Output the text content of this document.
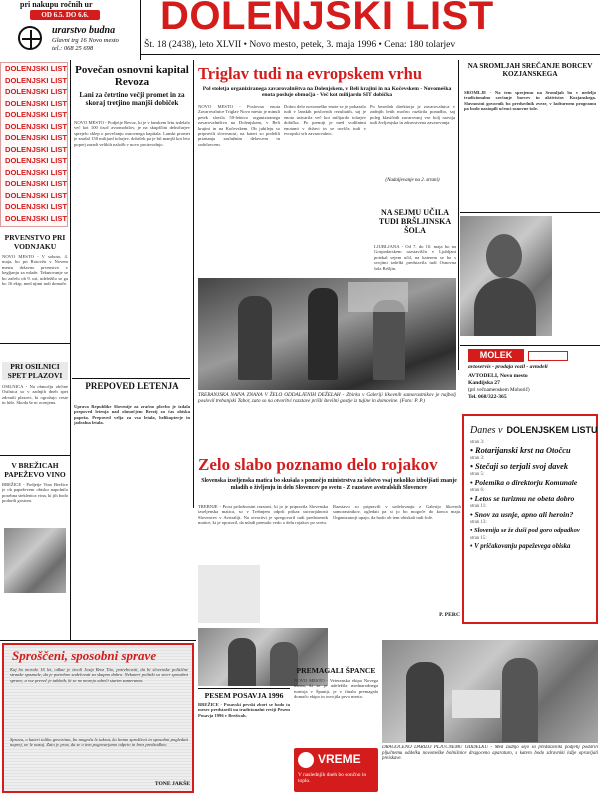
pri nakupu ročnih ur
OD 6.5. DO 6.6.
urarstvo budna
Glavni trg 16 Novo mesto
tel.: 068 25 698
DOLENJSKI LIST
Št. 18 (2438), leto XLVII • Novo mesto, petek, 3. maja 1996 • Cena: 180 tolarjev
DOLENJSKI LIST
DOLENJSKI LIST
DOLENJSKI LIST
DOLENJSKI LIST
DOLENJSKI LIST
DOLENJSKI LIST
DOLENJSKI LIST
DOLENJSKI LIST
DOLENJSKI LIST
DOLENJSKI LIST
DOLENJSKI LIST
DOLENJSKI LIST
DOLENJSKI LIST
DOLENJSKI LIST
PRVENSTVO PRI VODNJAKU
NOVO MESTO - V soboto, 4. maja, bo pri Rotovžu v Novem mestu državno prvenstvo v kegljanju za mlade. Tekmovanje se bo začelo ob 9. uri, udeležilo se ga bo 16 ekip, med njimi tudi domače.
PRI OSILNICI SPET PLAZOVI
OSILNICA - Na območju občine Osilnica so v zadnjih dneh spet zdrsnili plazovi, ki ogrožajo ceste in hiše. Škoda še ni ocenjena.
V BREŽICAH PAPEŽEVO VINO
BREŽICE - Podjetje Vino Brežice je ob papeževem obisku napolnilo posebna steklenica vina, ki jih bodo podarili gostom.
Povečan osnovni kapital Revoza
Lani za četrtino večji promet in za skoraj tretjino manjši dobiček
NOVO MESTO - Podjetje Revoz, ki je v lanskem letu izdelalo več kot 100 tisoč avtomobilov, je na skupščini delničarjev sprejelo sklep o povečanju osnovnega kapitala. Lanski promet je znašal 150 milijard tolarjev, dobiček pa je bil manjši kot leto poprej zaradi velikih naložb v novo proizvodnjo.
PREPOVED LETENJA
Uprava Republike Slovenije za zračno plovbo je izdala prepoved letenja nad območjem Brezij za čas obiska papeža. Prepoved velja za vsa letala, helikopterje in jadralna letala.
Triglav tudi na evropskem vrhu
Pol stoletja organiziranega zavarovalništva na Dolenjskem, v Beli krajini in na Kočevskem - Novomeška enota posluje območja - Več kot milijardo SIT dobička
NOVO MESTO - Poslovna enota Zavarovalnice Triglav Novo mesto je minuli petek slavila 50-letnico organiziranega zavarovalništva na Dolenjskem, v Beli krajini in na Kočevskem. Ob jubileju so pripravili slovesnost, na kateri so podelili priznanja zaslužnim delavcem in sodelavcem.
Dobro delo novomeške enote se je pokazalo tudi v lanskih poslovnih rezultatih, saj je enota ustvarila več kot milijardo tolarjev dobička. Po premiji je med vodilnimi enotami v državi in se uvršča tudi v evropski vrh zavarovalnic.
Po besedah direktorja je zavarovalnica v zadnjih letih močno razširila ponudbo, saj poleg klasičnih zavarovanj vse bolj razvija tudi življenjska in zdravstvena zavarovanja.
(Nadaljevanje na 2. strani)
TREBANJSKA NAIVA ZNANA V ŽELO ODDALJENIH DEŽELAH - Zbirka v Galeriji likovnih samorastnikov je najbolj poslovil trebanjski Tabor, zato so na otvoritvi razstave prišli številni gostje iz tujine in domovine. (Foto: P. P.)
Zelo slabo poznamo delo rojakov
Slovenska izseljenska matica bo skušala s pomočjo ministrstva za šolstvo vsaj nekoliko izboljšati znanje mladih o življenju in delu Slovencev po svetu - Z razstave avstralskih Slovencev
TREBNJE - Prost priložnostni razstavi, ki jo je pripravila Slovenska izseljenska matica, so v Trebnjem odprli prikaz ustvarjalnosti Slovencev v Avstraliji. Na otvoritvi je spregovoril tudi predstavnik matice, ki je opozoril, da mladi premalo vedo o delu rojakov po svetu.
Razstavo so pripravili v sodelovanju z Galerijo likovnih samorastnikov, ogledati pa si jo bo mogoče do konca maja. Organizatorji upajo, da bodo ob tem obiskali tudi šole.
P. PERC
NA SROMLJAH SREČANJE BORCEV KOZJANSKEGA
SROMLJE - Na tem sprejemu na Sromljah bo v nedeljo tradicionalno srečanje borcev in aktivistov Kozjanskega. Slavnostni govornik bo predsednik zveze, v kulturnem programu pa bodo nastopili učenci osnovne šole.
NA SEJMU UČILA TUDI BRŠLJINSKA ŠOLA
LJUBLJANA - Od 7. do 10. maja bo na Gospodarskem razstavišču v Ljubljani potekal sejem učil, na katerem se bo s svojimi izdelki predstavila tudi Osnovna šola Bršljin.
MOLEK
avtoservis - prodaja vozil - avtodeli
AVTODELI, Novo mesto
Kandijska 27
(pri večnamenskem Mohorič)
Tel. 068/322-365
Danes v DOLENJSKEM LISTU
stran 3:
• Rotarijanski krst na Otočcu
stran 3:
• Stečaji so terjali svoj davek
stran 5:
• Polemika o direktorju Komunale
stran 6:
• Letos se turizmu ne obeta dobro
stran 11:
• Snov za usnje, apno ali heroin?
stran 13:
• Slovenija se že duši pod goro odpadkov
stran 15:
• V pričakovanju papeževega obiska
Sproščeni, sposobni sprave
Kaj bo moralo 16 let, odkar je izvoli Josip Broz Tito, potrebovati, da bi slovenske politične stranke spoznale, da je potrebno sodelovati za skupno dobro. Nekateri politiki so sicer sposobni sprave, a vse preveč je takšnih, ki se ne morejo odreči starim zamerama.
Sprava, o kateri toliko govorimo, bo mogoča le takrat, ko bomo sproščeni in sposobni pogledati naprej, ne le nazaj. Zato je prav, da se o tem pogovarjamo odprto in brez predsodkov.
TONE JAKŠE
PESEM POSAVJA 1996
BREŽICE - Posavski pevski zbori se bodo ta mesec predstavili na tradicionalni reviji Pesem Posavja 1996 v Brežicah.
PREMAGALI ŠPANCE
NOVO MESTO - Veteranska ekipa Novega mesta, ki se je udeležila mednarodnega turnirja v Španiji, je v finalu premagala domačo ekipo in osvojila prvo mesto.
VREME
V naslednjih dneh bo sončno in toplo.
DRAGOCENO DARILO PLJUČNEMU ODDELKU - Med zadnjo sejo so predstavniki podjetij podarili pljučnemu oddelku novomeške bolnišnice dragoceno aparaturo, s katero bodo zdravniki lažje opravljali preiskave.
